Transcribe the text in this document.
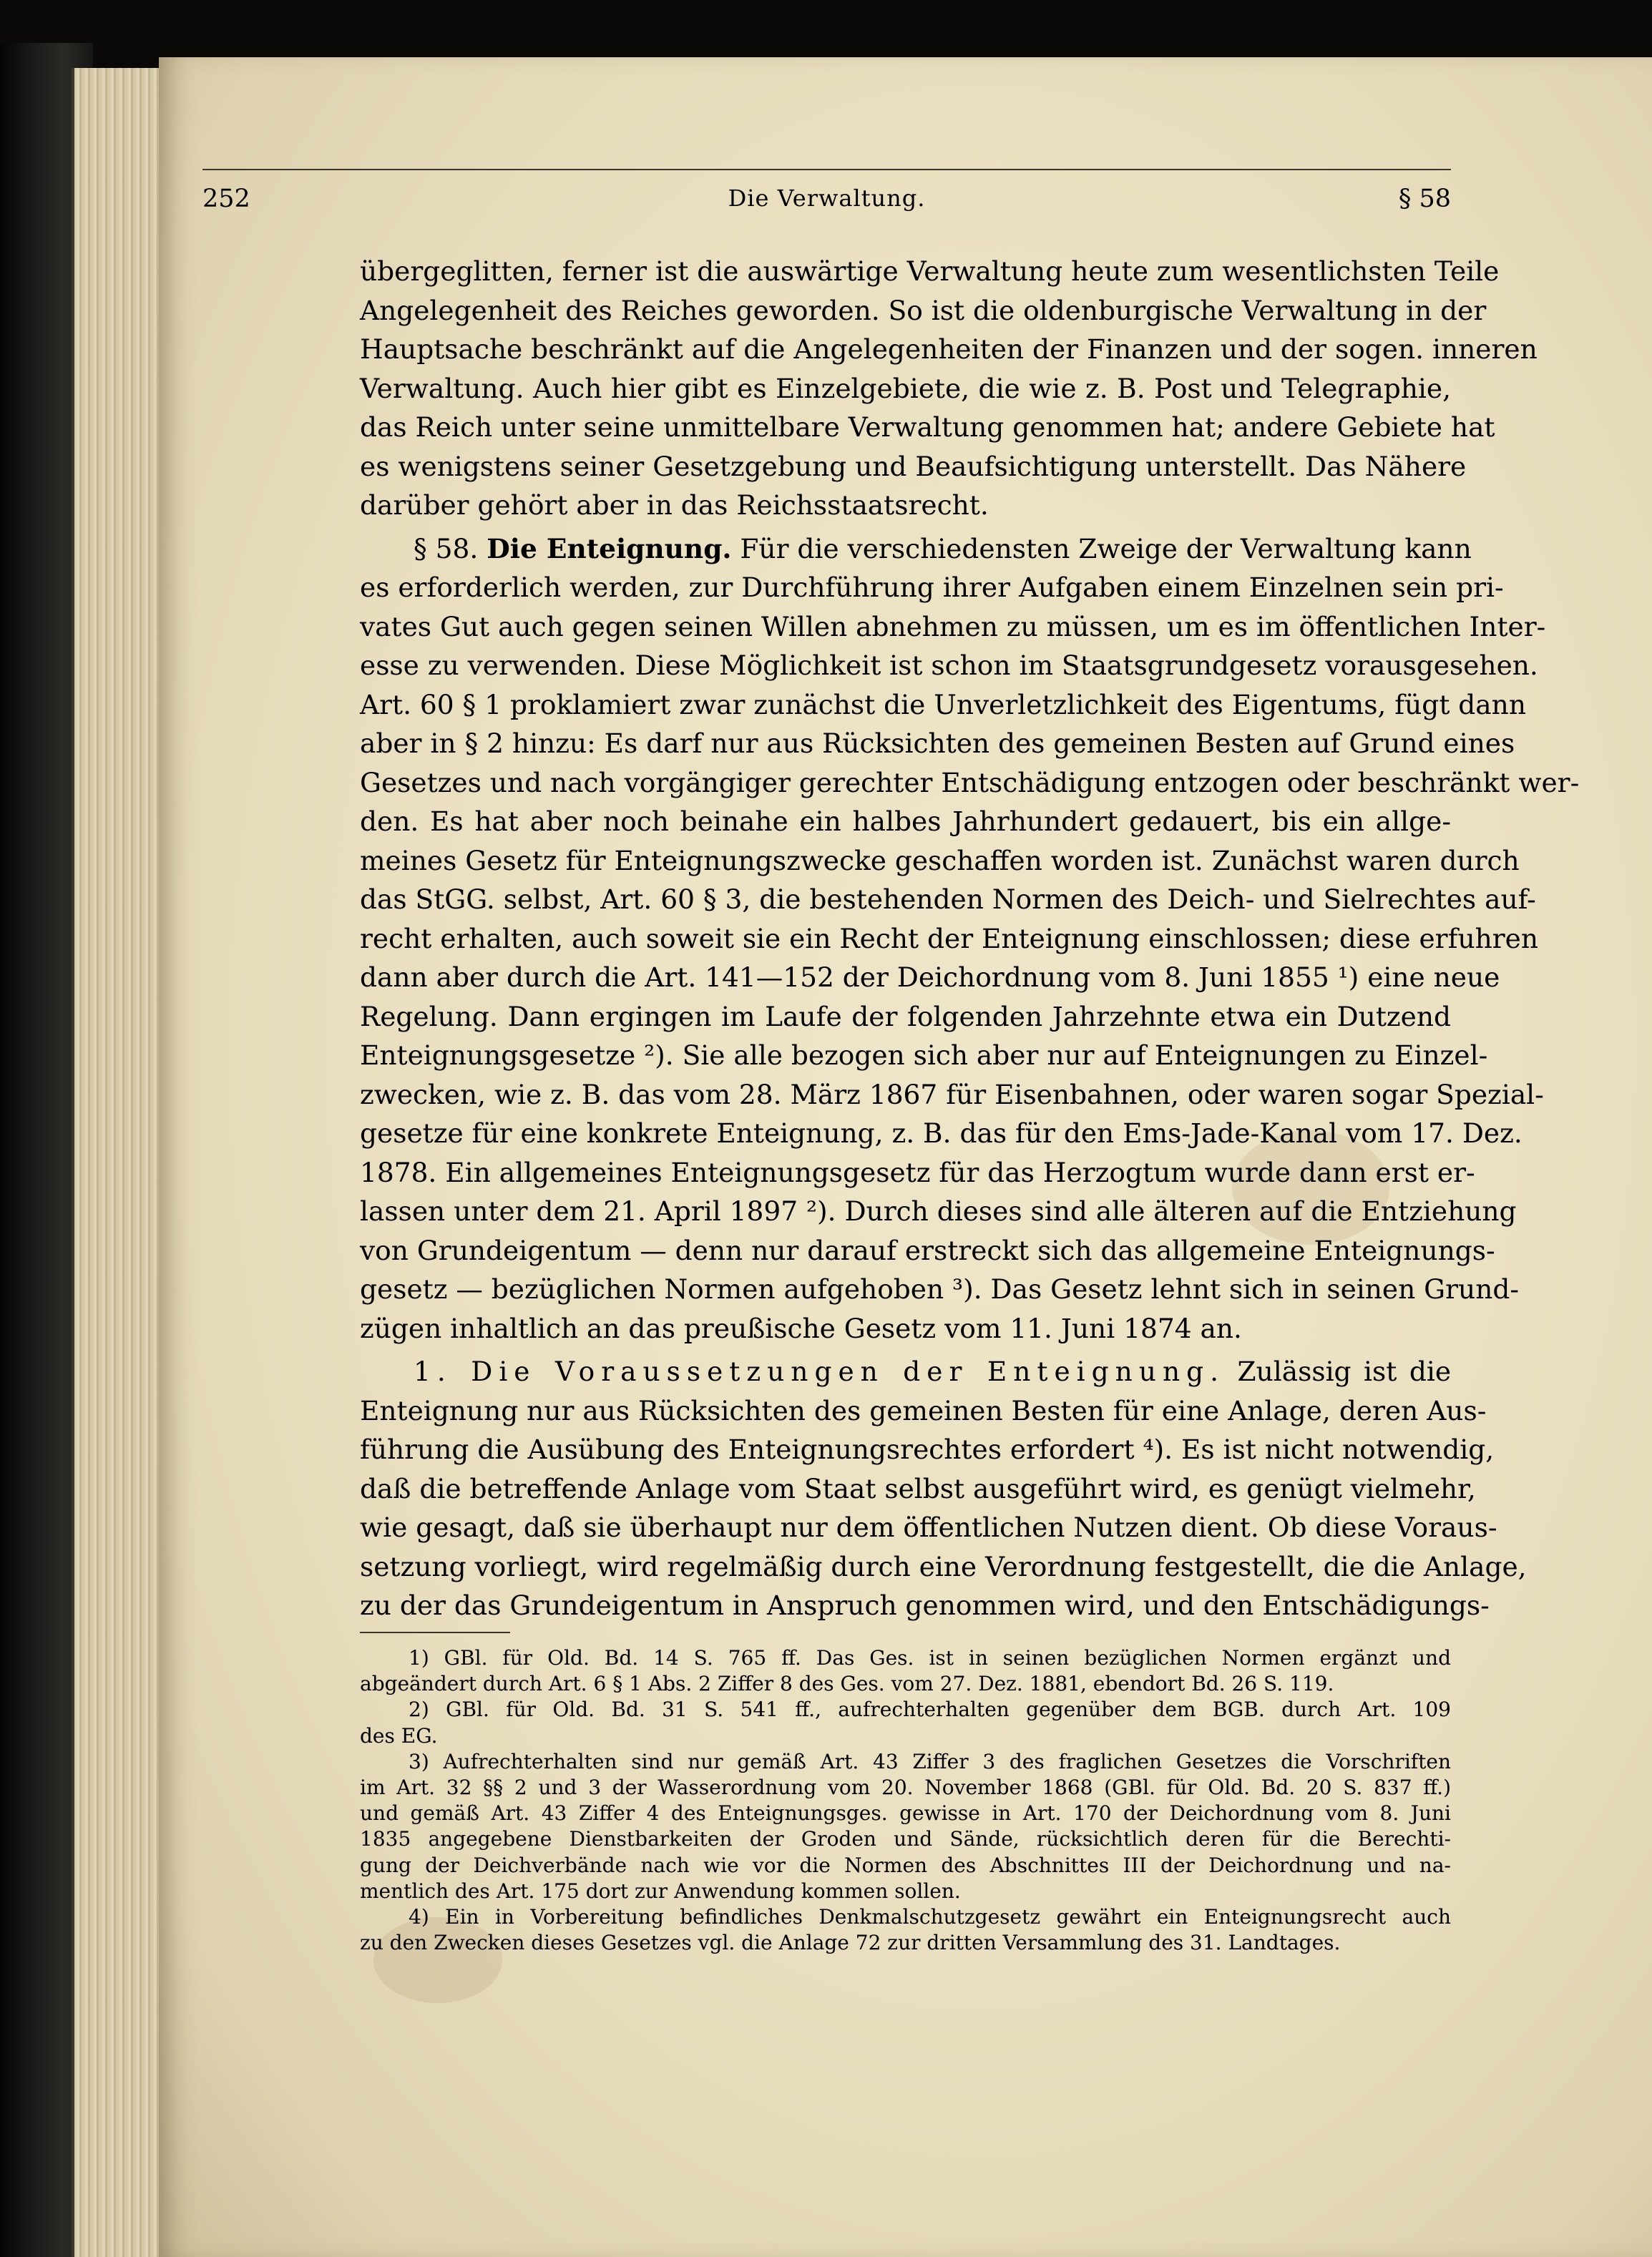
252	Die Verwaltung.	§ 58
übergeglitten, ferner ist die auswärtige Verwaltung heute zum wesentlichsten Teile
Angelegenheit des Reiches geworden. So ist die oldenburgische Verwaltung in der
Hauptsache beschränkt auf die Angelegenheiten der Finanzen und der sogen. inneren
Verwaltung. Auch hier gibt es Einzelgebiete, die wie z. B. Post und Telegraphie,
das Reich unter seine unmittelbare Verwaltung genommen hat; andere Gebiete hat
es wenigstens seiner Gesetzgebung und Beaufsichtigung unterstellt. Das Nähere
darüber gehört aber in das Reichsstaatsrecht.
§ 58. Die Enteignung. Für die verschiedensten Zweige der Verwaltung kann
es erforderlich werden, zur Durchführung ihrer Aufgaben einem Einzelnen sein pri-
vates Gut auch gegen seinen Willen abnehmen zu müssen, um es im öffentlichen Inter-
esse zu verwenden. Diese Möglichkeit ist schon im Staatsgrundgesetz vorausgesehen.
Art. 60 § 1 proklamiert zwar zunächst die Unverletzlichkeit des Eigentums, fügt dann
aber in § 2 hinzu: Es darf nur aus Rücksichten des gemeinen Besten auf Grund eines
Gesetzes und nach vorgängiger gerechter Entschädigung entzogen oder beschränkt wer-
den. Es hat aber noch beinahe ein halbes Jahrhundert gedauert, bis ein allge-
meines Gesetz für Enteignungszwecke geschaffen worden ist. Zunächst waren durch
das StGG. selbst, Art. 60 § 3, die bestehenden Normen des Deich- und Sielrechtes auf-
recht erhalten, auch soweit sie ein Recht der Enteignung einschlossen; diese erfuhren
dann aber durch die Art. 141—152 der Deichordnung vom 8. Juni 1855 ¹) eine neue
Regelung. Dann ergingen im Laufe der folgenden Jahrzehnte etwa ein Dutzend
Enteignungsgesetze ²). Sie alle bezogen sich aber nur auf Enteignungen zu Einzel-
zwecken, wie z. B. das vom 28. März 1867 für Eisenbahnen, oder waren sogar Spezial-
gesetze für eine konkrete Enteignung, z. B. das für den Ems-Jade-Kanal vom 17. Dez.
1878. Ein allgemeines Enteignungsgesetz für das Herzogtum wurde dann erst er-
lassen unter dem 21. April 1897 ²). Durch dieses sind alle älteren auf die Entziehung
von Grundeigentum — denn nur darauf erstreckt sich das allgemeine Enteignungs-
gesetz — bezüglichen Normen aufgehoben ³). Das Gesetz lehnt sich in seinen Grund-
zügen inhaltlich an das preußische Gesetz vom 11. Juni 1874 an.
1. Die Voraussetzungen der Enteignung. Zulässig ist die
Enteignung nur aus Rücksichten des gemeinen Besten für eine Anlage, deren Aus-
führung die Ausübung des Enteignungsrechtes erfordert ⁴). Es ist nicht notwendig,
daß die betreffende Anlage vom Staat selbst ausgeführt wird, es genügt vielmehr,
wie gesagt, daß sie überhaupt nur dem öffentlichen Nutzen dient. Ob diese Voraus-
setzung vorliegt, wird regelmäßig durch eine Verordnung festgestellt, die die Anlage,
zu der das Grundeigentum in Anspruch genommen wird, und den Entschädigungs-
1) GBl. für Old. Bd. 14 S. 765 ff. Das Ges. ist in seinen bezüglichen Normen ergänzt und
abgeändert durch Art. 6 § 1 Abs. 2 Ziffer 8 des Ges. vom 27. Dez. 1881, ebendort Bd. 26 S. 119.
2) GBl. für Old. Bd. 31 S. 541 ff., aufrechterhalten gegenüber dem BGB. durch Art. 109
des EG.
3) Aufrechterhalten sind nur gemäß Art. 43 Ziffer 3 des fraglichen Gesetzes die Vorschriften
im Art. 32 §§ 2 und 3 der Wasserordnung vom 20. November 1868 (GBl. für Old. Bd. 20 S. 837 ff.)
und gemäß Art. 43 Ziffer 4 des Enteignungsges. gewisse in Art. 170 der Deichordnung vom 8. Juni
1835 angegebene Dienstbarkeiten der Groden und Sände, rücksichtlich deren für die Berechti-
gung der Deichverbände nach wie vor die Normen des Abschnittes III der Deichordnung und na-
mentlich des Art. 175 dort zur Anwendung kommen sollen.
4) Ein in Vorbereitung befindliches Denkmalschutzgesetz gewährt ein Enteignungsrecht auch
zu den Zwecken dieses Gesetzes vgl. die Anlage 72 zur dritten Versammlung des 31. Landtages.
